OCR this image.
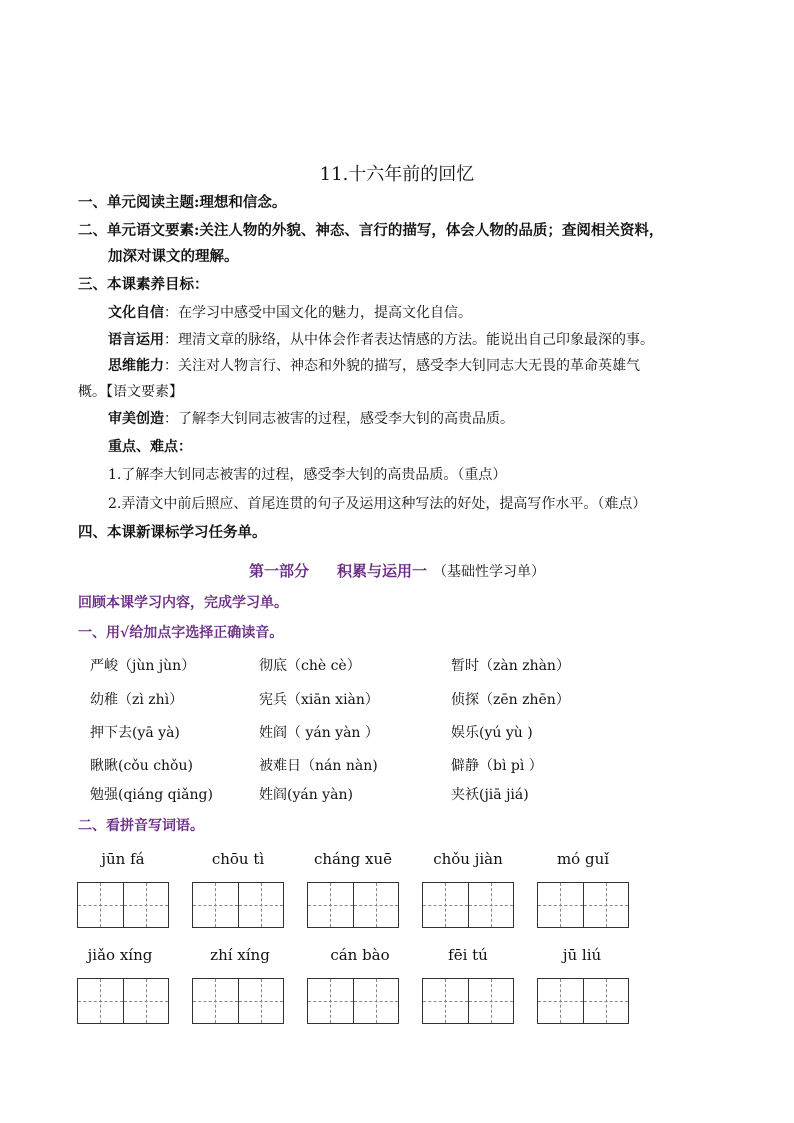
11.十六年前的回忆
一、单元阅读主题:理想和信念。
二、单元语文要素:关注人物的外貌、神态、言行的描写，体会人物的品质；查阅相关资料，
加深对课文的理解。
三、本课素养目标：
文化自信：在学习中感受中国文化的魅力，提高文化自信。
语言运用：理清文章的脉络，从中体会作者表达情感的方法。能说出自己印象最深的事。
思维能力：关注对人物言行、神态和外貌的描写，感受李大钊同志大无畏的革命英雄气
概。【语文要素】
审美创造：了解李大钊同志被害的过程，感受李大钊的高贵品质。
重点、难点：
1.了解李大钊同志被害的过程，感受李大钊的高贵品质。（重点）
2.弄清文中前后照应、首尾连贯的句子及运用这种写法的好处，提高写作水平。（难点）
四、本课新课标学习任务单。
第一部分 积累与运用一 （基础性学习单）
回顾本课学习内容，完成学习单。
一、用√给加点字选择正确读音。
严峻（jùn jùn）	彻底（chè cè）	暂时（zàn zhàn）
幼稚（zì zhì）	宪兵（xiān xiàn）	侦探（zēn zhēn）
押下去(yā yà)	姓阎（ yán yàn ）	娱乐(yú yù )
瞅瞅(cǒu chǒu)	被难日（nán nàn)	僻静（bì pì ）
勉强(qiáng qiǎng)	姓阎(yán yàn)	夹袄(jiā jiá)
二、看拼音写词语。
jūn fá	chōu tì	cháng xuē	chǒu jiàn	mó guǐ
jiǎo xíng	zhí xíng	cán bào	fēi tú	jū liú
